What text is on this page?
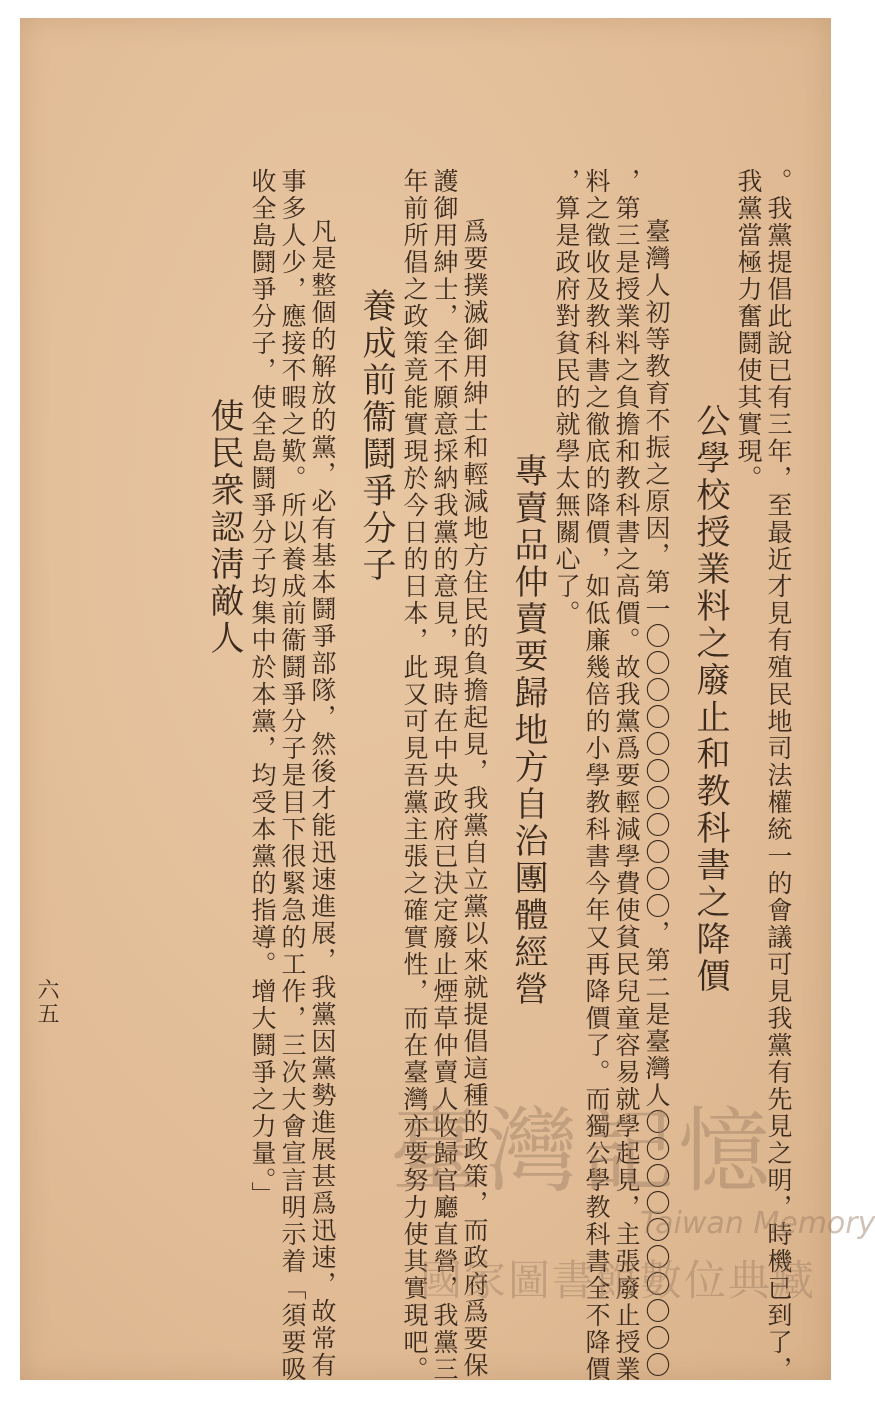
。我黨提倡此說已有三年，至最近才見有殖民地司法權統一的會議可見我黨有先見之明，時機已到了，
我黨當極力奮鬪使其實現。
公學校授業料之廢止和教科書之降價
臺灣人初等教育不振之原因，第一〇〇〇〇〇〇〇〇〇〇〇，第二是臺灣人〇〇〇〇〇〇〇〇〇〇
，第三是授業料之負擔和教科書之高價。故我黨爲要輕減學費使貧民兒童容易就學起見，主張廢止授業
料之徵收及教科書之徹底的降價，如低廉幾倍的小學教科書今年又再降價了。而獨公學教科書全不降價
，算是政府對貧民的就學太無關心了。
專賣品仲賣要歸地方自治團體經營
爲要撲滅御用紳士和輕減地方住民的負擔起見，我黨自立黨以來就提倡這種的政策，而政府爲要保
護御用紳士，全不願意採納我黨的意見，現時在中央政府已決定廢止煙草仲賣人收歸官廳直營，我黨三
年前所倡之政策竟能實現於今日的日本，此又可見吾黨主張之確實性，而在臺灣亦要努力使其實現吧。
養成前衞鬪爭分子
凡是整個的解放的黨，必有基本鬪爭部隊，然後才能迅速進展，我黨因黨勢進展甚爲迅速，故常有
事多人少，應接不暇之歎。所以養成前衞鬪爭分子是目下很緊急的工作，三次大會宣言明示着「須要吸
收全島鬪爭分子，使全島鬪爭分子均集中於本黨，均受本黨的指導。增大鬪爭之力量。」
使民衆認淸敵人
六五
臺灣記憶
Taiwan Memory
國家圖書館數位典藏
